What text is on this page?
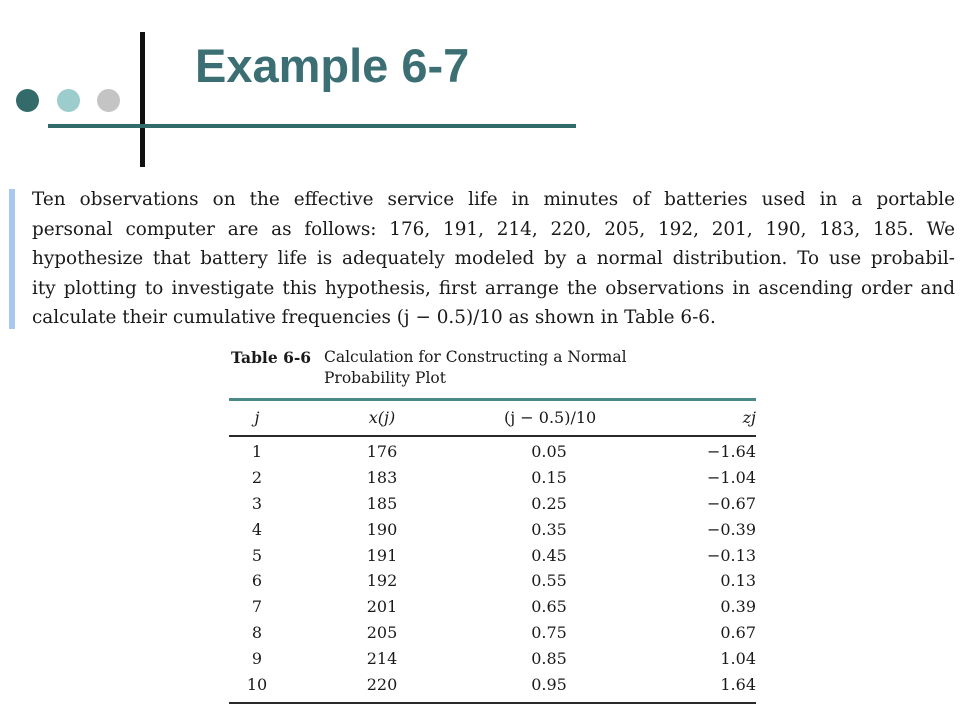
Example 6-7

Ten observations on the effective service life in minutes of batteries used in a portable
personal computer are as follows: 176, 191, 214, 220, 205, 192, 201, 190, 183, 185. We
hypothesize that battery life is adequately modeled by a normal distribution. To use probabil-
ity plotting to investigate this hypothesis, first arrange the observations in ascending order and
calculate their cumulative frequencies (j − 0.5)/10 as shown in Table 6-6.

Table 6-6 Calculation for Constructing a Normal Probability Plot
j	x(j)	(j − 0.5)/10	zj
1	176	0.05	−1.64
2	183	0.15	−1.04
3	185	0.25	−0.67
4	190	0.35	−0.39
5	191	0.45	−0.13
6	192	0.55	0.13
7	201	0.65	0.39
8	205	0.75	0.67
9	214	0.85	1.04
10	220	0.95	1.64
